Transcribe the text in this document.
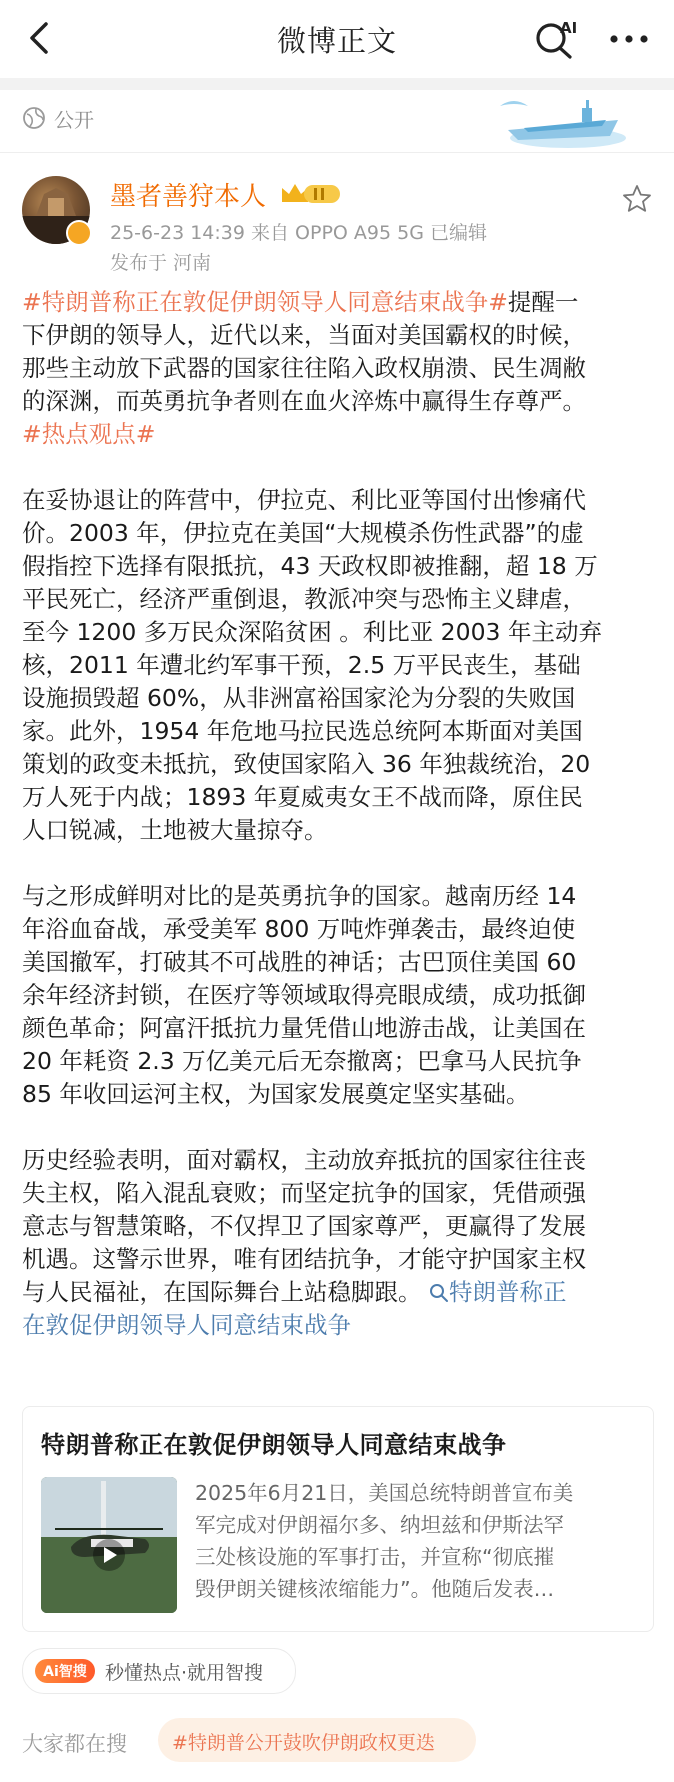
微博正文	AI
公开
墨者善狩本人
25-6-23 14:39 来自 OPPO A95 5G 已编辑
发布于 河南

#特朗普称正在敦促伊朗领导人同意结束战争#提醒一
下伊朗的领导人，近代以来，当面对美国霸权的时候，
那些主动放下武器的国家往往陷入政权崩溃、民生凋敝
的深渊，而英勇抗争者则在血火淬炼中赢得生存尊严。
#热点观点#

在妥协退让的阵营中，伊拉克、利比亚等国付出惨痛代
价。2003 年，伊拉克在美国“大规模杀伤性武器”的虚
假指控下选择有限抵抗，43 天政权即被推翻，超 18 万
平民死亡，经济严重倒退，教派冲突与恐怖主义肆虐，
至今 1200 多万民众深陷贫困 。利比亚 2003 年主动弃
核，2011 年遭北约军事干预，2.5 万平民丧生，基础
设施损毁超 60%，从非洲富裕国家沦为分裂的失败国
家。此外，1954 年危地马拉民选总统阿本斯面对美国
策划的政变未抵抗，致使国家陷入 36 年独裁统治，20
万人死于内战；1893 年夏威夷女王不战而降，原住民
人口锐减，土地被大量掠夺。

与之形成鲜明对比的是英勇抗争的国家。越南历经 14
年浴血奋战，承受美军 800 万吨炸弹袭击，最终迫使
美国撤军，打破其不可战胜的神话；古巴顶住美国 60
余年经济封锁，在医疗等领域取得亮眼成绩，成功抵御
颜色革命；阿富汗抵抗力量凭借山地游击战，让美国在
20 年耗资 2.3 万亿美元后无奈撤离；巴拿马人民抗争
85 年收回运河主权，为国家发展奠定坚实基础。

历史经验表明，面对霸权，主动放弃抵抗的国家往往丧
失主权，陷入混乱衰败；而坚定抗争的国家，凭借顽强
意志与智慧策略，不仅捍卫了国家尊严，更赢得了发展
机遇。这警示世界，唯有团结抗争，才能守护国家主权
与人民福祉，在国际舞台上站稳脚跟。 特朗普称正
在敦促伊朗领导人同意结束战争

特朗普称正在敦促伊朗领导人同意结束战争
2025年6月21日，美国总统特朗普宣布美
军完成对伊朗福尔多、纳坦兹和伊斯法罕
三处核设施的军事打击，并宣称“彻底摧
毁伊朗关键核浓缩能力”。他随后发表…
Ai智搜 秒懂热点·就用智搜
大家都在搜 #特朗普公开鼓吹伊朗政权更迭
